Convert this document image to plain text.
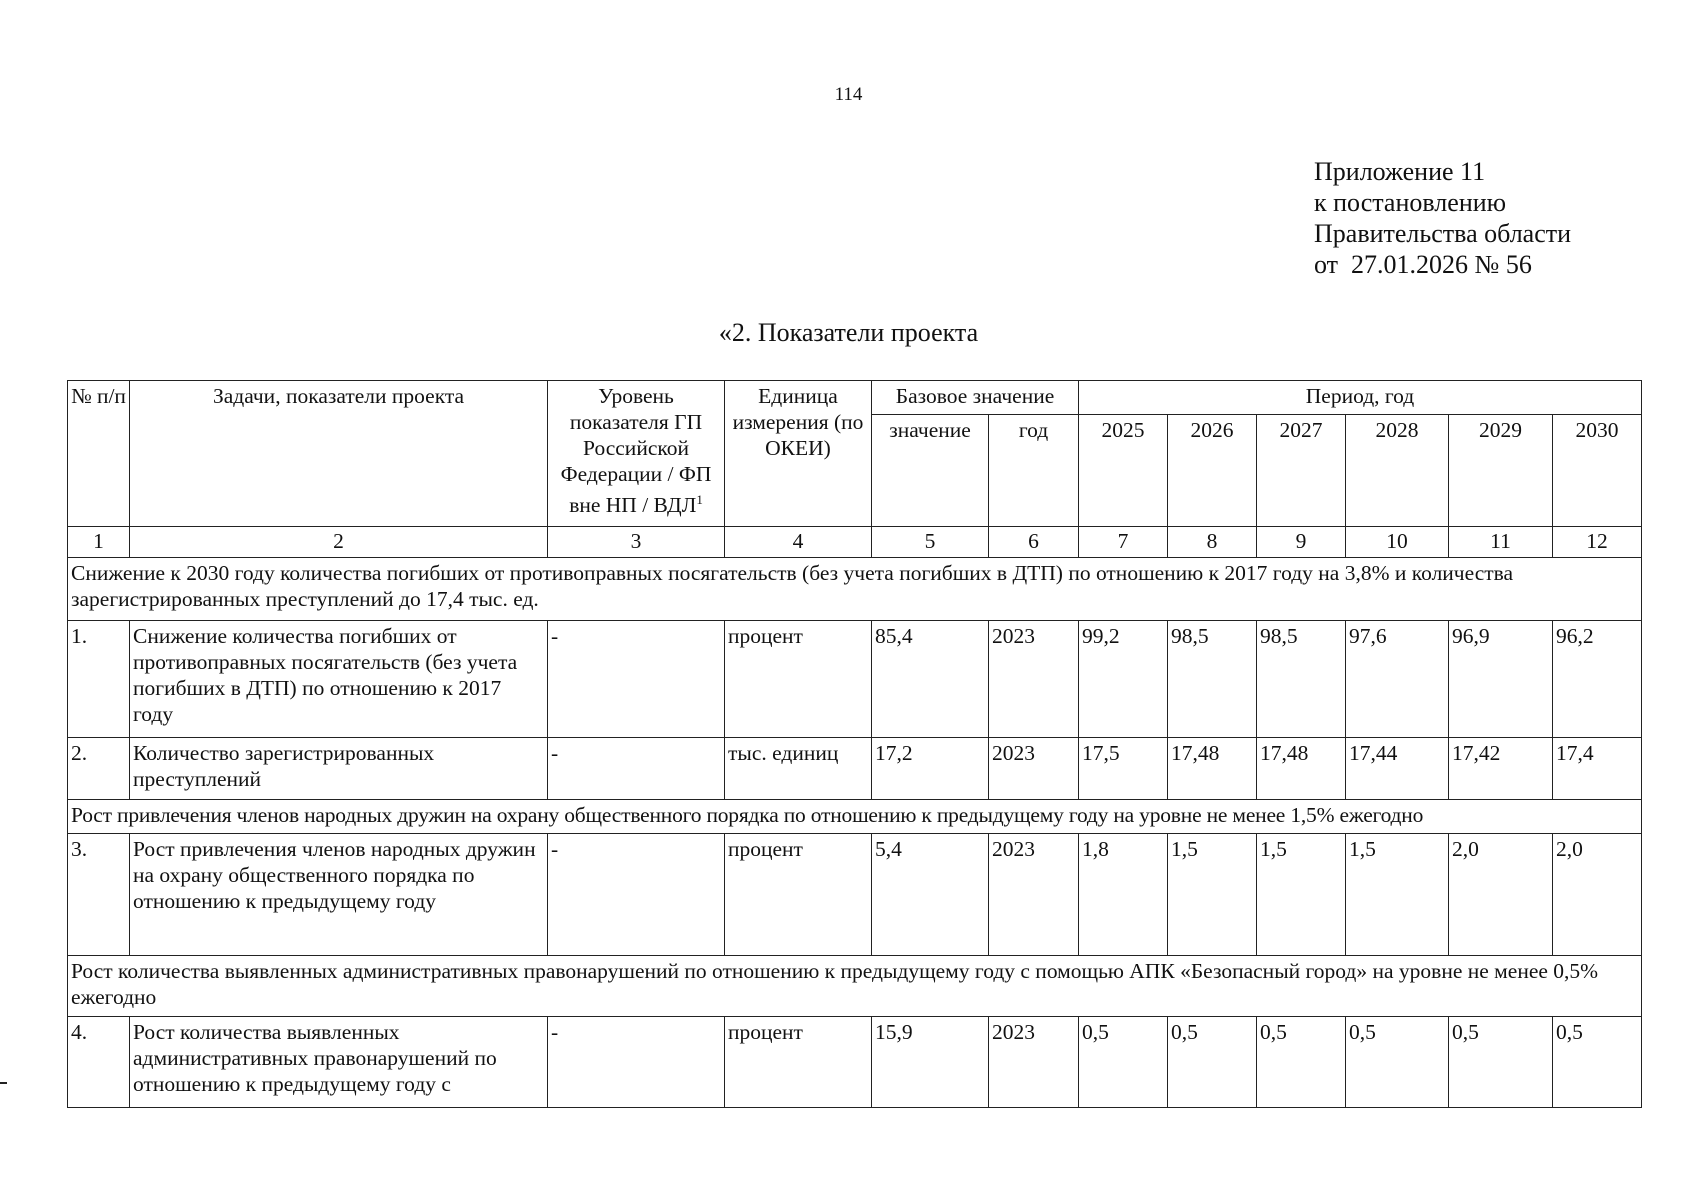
114
Приложение 11
к постановлению
Правительства области
от  27.01.2026 № 56
«2. Показатели проекта
№ п/п	Задачи, показатели проекта	Уровень показателя ГП Российской Федерации / ФП вне НП / ВДЛ$^1$	Единица измерения (по ОКЕИ)	Базовое значение		Период, год					
				значение	год	2025	2026	2027	2028	2029	2030
1	2	3	4	5	6	7	8	9	10	11	12
Снижение к 2030 году количества погибших от противоправных посягательств (без учета погибших в ДТП) по отношению к 2017 году на 3,8% и количества зарегистрированных преступлений до 17,4 тыс. ед.											
1.	Снижение количества погибших от противоправных посягательств (без учета погибших в ДТП) по отношению к 2017 году	-	процент	85,4	2023	99,2	98,5	98,5	97,6	96,9	96,2
2.	Количество зарегистрированных преступлений	-	тыс. единиц	17,2	2023	17,5	17,48	17,48	17,44	17,42	17,4
Рост привлечения членов народных дружин на охрану общественного порядка по отношению к предыдущему году на уровне не менее 1,5% ежегодно											
3.	Рост привлечения членов народных дружин на охрану общественного порядка по отношению к предыдущему году	-	процент	5,4	2023	1,8	1,5	1,5	1,5	2,0	2,0
Рост количества выявленных административных правонарушений по отношению к предыдущему году с помощью АПК «Безопасный город» на уровне не менее 0,5% ежегодно											
4.	Рост количества выявленных административных правонарушений по отношению к предыдущему году с	-	процент	15,9	2023	0,5	0,5	0,5	0,5	0,5	0,5
